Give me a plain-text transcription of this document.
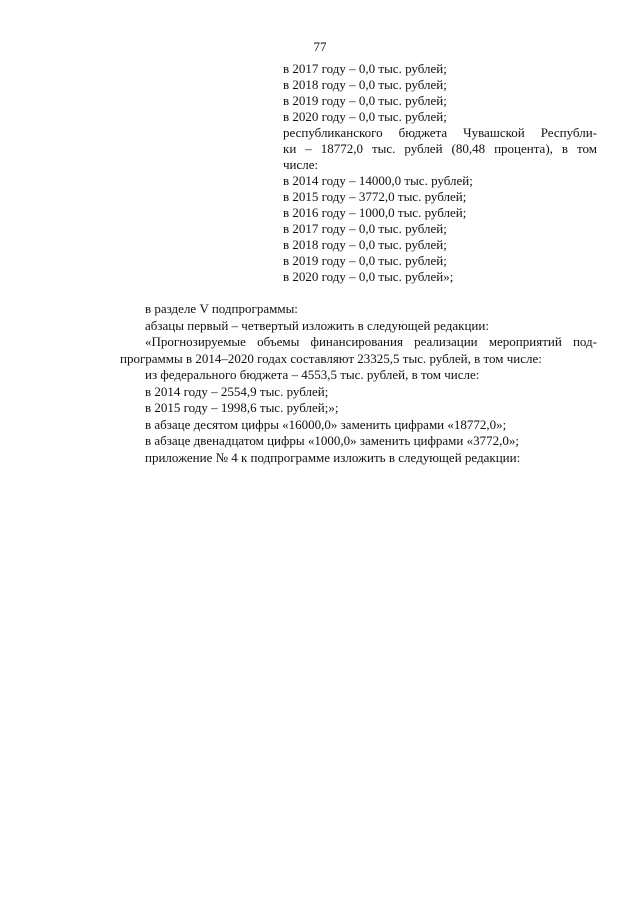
77
в 2017 году – 0,0 тыс. рублей;
в 2018 году – 0,0 тыс. рублей;
в 2019 году – 0,0 тыс. рублей;
в 2020 году – 0,0 тыс. рублей;
республиканского бюджета Чувашской Республи-
ки – 18772,0 тыс. рублей (80,48 процента), в том
числе:
в 2014 году – 14000,0 тыс. рублей;
в 2015 году – 3772,0 тыс. рублей;
в 2016 году – 1000,0 тыс. рублей;
в 2017 году – 0,0 тыс. рублей;
в 2018 году – 0,0 тыс. рублей;
в 2019 году – 0,0 тыс. рублей;
в 2020 году – 0,0 тыс. рублей»;
в разделе V подпрограммы:
абзацы первый – четвертый изложить в следующей редакции:
«Прогнозируемые объемы финансирования реализации мероприятий под-
программы в 2014–2020 годах составляют 23325,5 тыс. рублей, в том числе:
из федерального бюджета – 4553,5 тыс. рублей, в том числе:
в 2014 году – 2554,9 тыс. рублей;
в 2015 году – 1998,6 тыс. рублей;»;
в абзаце десятом цифры «16000,0» заменить цифрами «18772,0»;
в абзаце двенадцатом цифры «1000,0» заменить цифрами «3772,0»;
приложение № 4 к подпрограмме изложить в следующей редакции:
